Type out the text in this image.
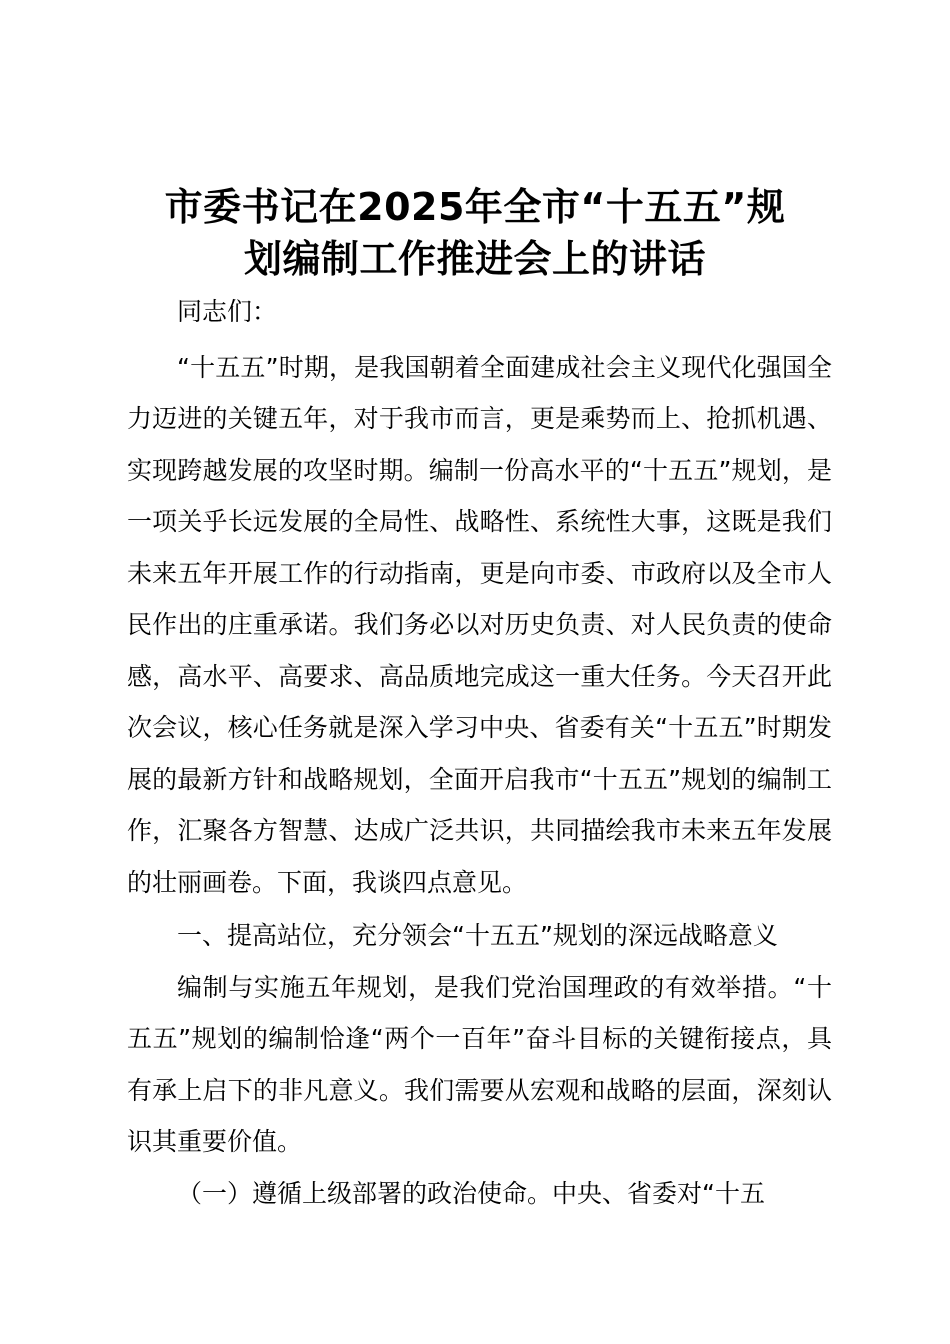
市委书记在2025年全市“十五五”规
划编制工作推进会上的讲话

同志们：

“十五五”时期，是我国朝着全面建成社会主义现代化强国全力迈进的关键五年，对于我市而言，更是乘势而上、抢抓机遇、实现跨越发展的攻坚时期。编制一份高水平的“十五五”规划，是一项关乎长远发展的全局性、战略性、系统性大事，这既是我们未来五年开展工作的行动指南，更是向市委、市政府以及全市人民作出的庄重承诺。我们务必以对历史负责、对人民负责的使命感，高水平、高要求、高品质地完成这一重大任务。今天召开此次会议，核心任务就是深入学习中央、省委有关“十五五”时期发展的最新方针和战略规划，全面开启我市“十五五”规划的编制工作，汇聚各方智慧、达成广泛共识，共同描绘我市未来五年发展的壮丽画卷。下面，我谈四点意见。

一、提高站位，充分领会“十五五”规划的深远战略意义

编制与实施五年规划，是我们党治国理政的有效举措。“十五五”规划的编制恰逢“两个一百年”奋斗目标的关键衔接点，具有承上启下的非凡意义。我们需要从宏观和战略的层面，深刻认识其重要价值。

（一）遵循上级部署的政治使命。中央、省委对“十五
